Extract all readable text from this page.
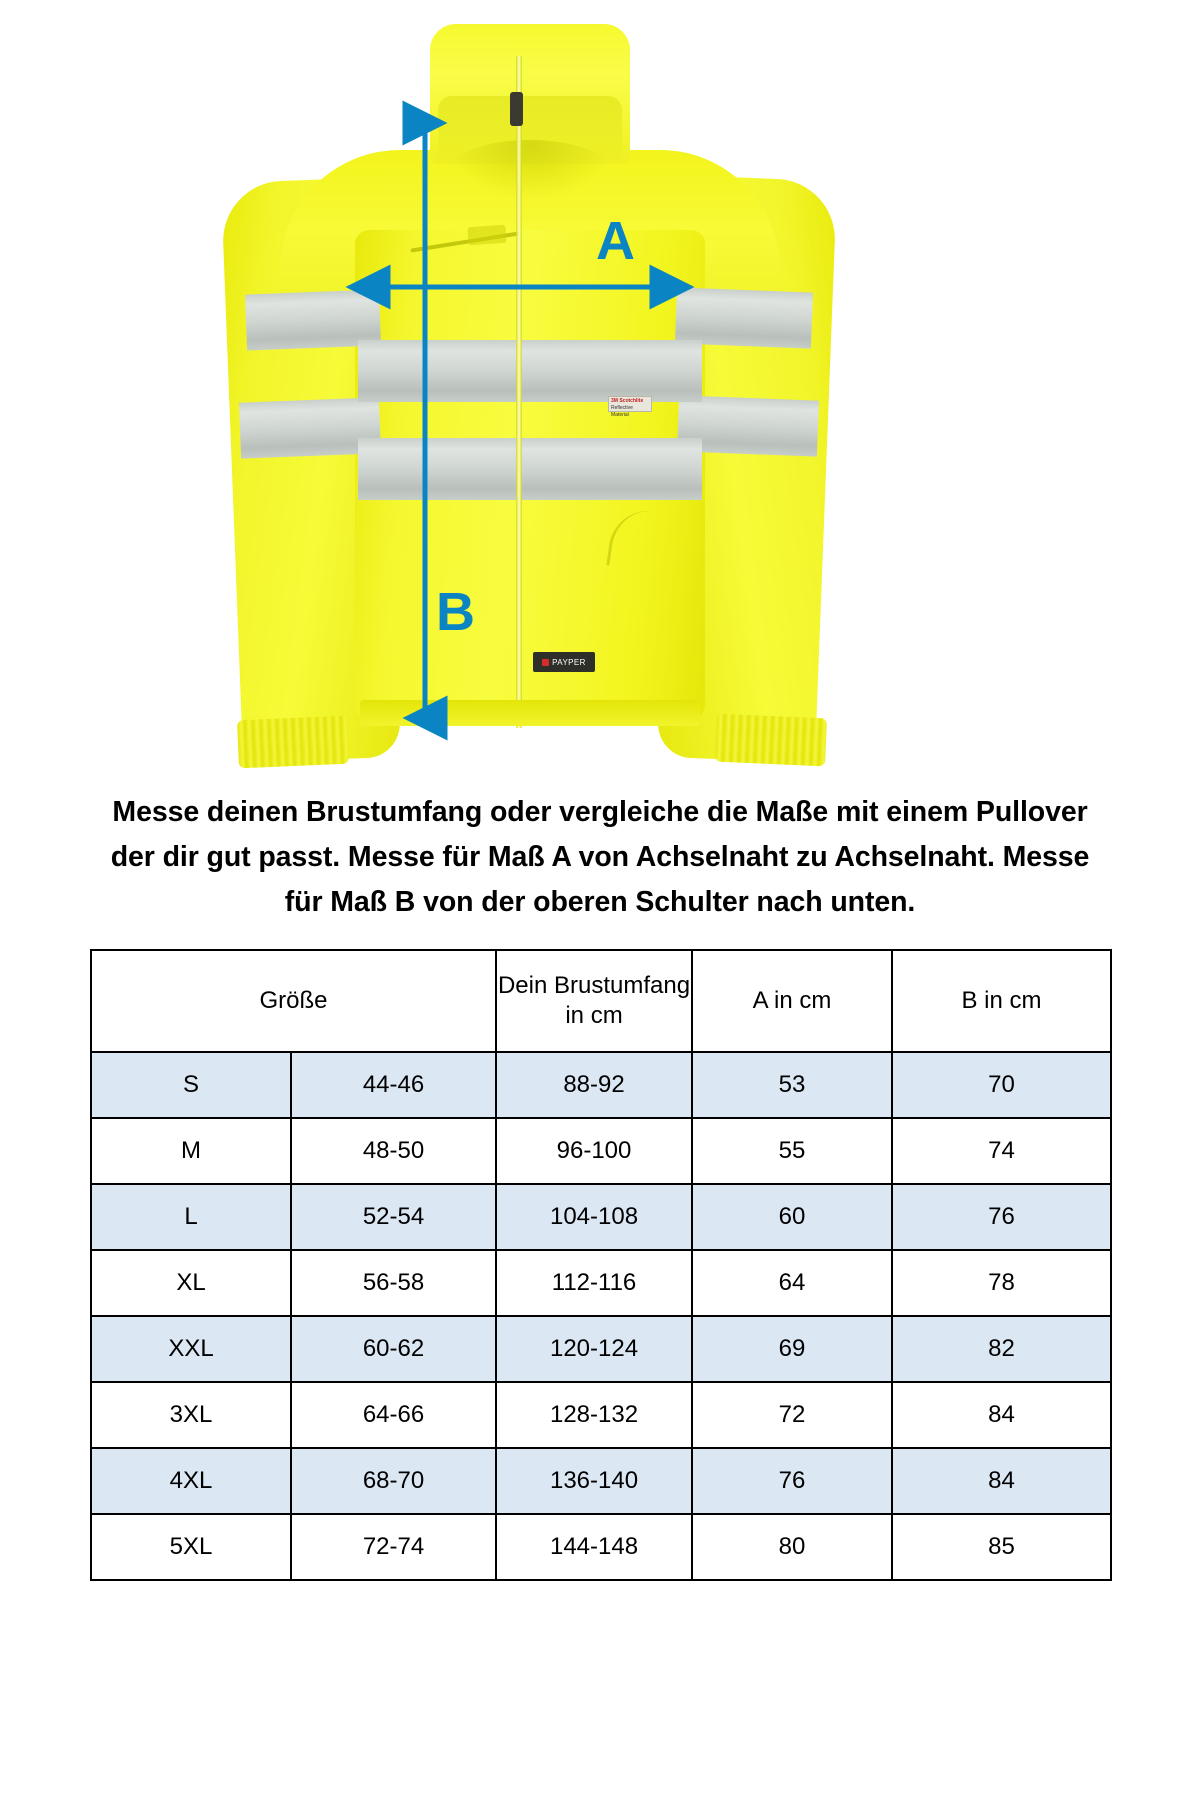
3M Scotchlite
Reflective Material
PAYPER
A
B
Messe deinen Brustumfang oder vergleiche die Maße mit einem Pullover der dir gut passt. Messe für Maß A von Achselnaht zu Achselnaht. Messe für Maß B von der oberen Schulter nach unten.
Größe		Dein Brustumfang in cm	A in cm	B in cm
S	44-46	88-92	53	70
M	48-50	96-100	55	74
L	52-54	104-108	60	76
XL	56-58	112-116	64	78
XXL	60-62	120-124	69	82
3XL	64-66	128-132	72	84
4XL	68-70	136-140	76	84
5XL	72-74	144-148	80	85
